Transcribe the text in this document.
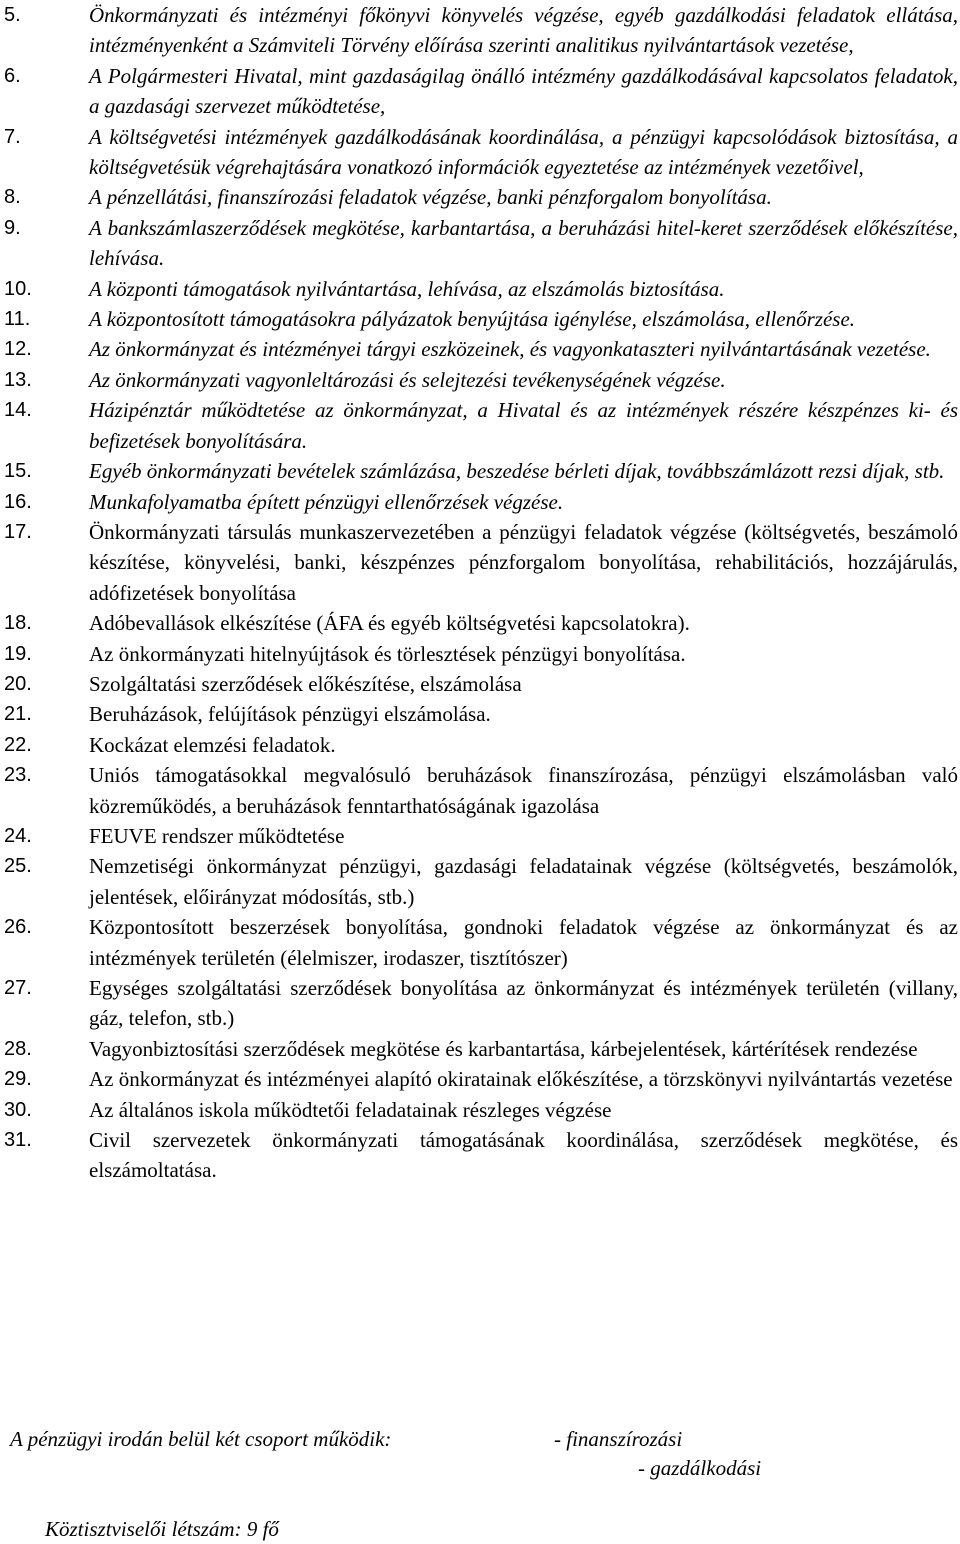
5.	Önkormányzati és intézményi főkönyvi könyvelés végzése, egyéb gazdálkodási feladatok ellátása, intézményenként a Számviteli Törvény előírása szerinti analitikus nyilvántartások vezetése,
6.	A Polgármesteri Hivatal, mint gazdaságilag önálló intézmény gazdálkodásával kapcsolatos feladatok, a gazdasági szervezet működtetése,
7.	A költségvetési intézmények gazdálkodásának koordinálása, a pénzügyi kapcsolódások biztosítása, a költségvetésük végrehajtására vonatkozó információk egyeztetése az intézmények vezetőivel,
8.	A pénzellátási, finanszírozási feladatok végzése, banki pénzforgalom bonyolítása.
9.	A bankszámlaszerződések megkötése, karbantartása, a beruházási hitel-keret szerződések előkészítése, lehívása.
10.	A központi támogatások nyilvántartása, lehívása, az elszámolás biztosítása.
11.	A központosított támogatásokra pályázatok benyújtása igénylése, elszámolása, ellenőrzése.
12.	Az önkormányzat és intézményei tárgyi eszközeinek, és vagyonkataszteri nyilvántartásának vezetése.
13.	Az önkormányzati vagyonleltározási és selejtezési tevékenységének végzése.
14.	Házipénztár működtetése az önkormányzat, a Hivatal és az intézmények részére készpénzes ki- és befizetések bonyolítására.
15.	Egyéb önkormányzati bevételek számlázása, beszedése bérleti díjak, továbbszámlázott rezsi díjak, stb.
16.	Munkafolyamatba épített pénzügyi ellenőrzések végzése.
17.	Önkormányzati társulás munkaszervezetében a pénzügyi feladatok végzése (költségvetés, beszámoló készítése, könyvelési, banki, készpénzes pénzforgalom bonyolítása, rehabilitációs, hozzájárulás, adófizetések bonyolítása
18.	Adóbevallások elkészítése (ÁFA és egyéb költségvetési kapcsolatokra).
19.	Az önkormányzati hitelnyújtások és törlesztések pénzügyi bonyolítása.
20.	Szolgáltatási szerződések előkészítése, elszámolása
21.	Beruházások, felújítások pénzügyi elszámolása.
22.	Kockázat elemzési feladatok.
23.	Uniós támogatásokkal megvalósuló beruházások finanszírozása, pénzügyi elszámolásban való közreműködés, a beruházások fenntarthatóságának igazolása
24.	FEUVE rendszer működtetése
25.	Nemzetiségi önkormányzat pénzügyi, gazdasági feladatainak végzése (költségvetés, beszámolók, jelentések, előirányzat módosítás, stb.)
26.	Központosított beszerzések bonyolítása, gondnoki feladatok végzése az önkormányzat és az intézmények területén (élelmiszer, irodaszer, tisztítószer)
27.	Egységes szolgáltatási szerződések bonyolítása az önkormányzat és intézmények területén (villany, gáz, telefon, stb.)
28.	Vagyonbiztosítási szerződések megkötése és karbantartása, kárbejelentések, kártérítések rendezése
29.	Az önkormányzat és intézményei alapító okiratainak előkészítése, a törzskönyvi nyilvántartás vezetése
30.	Az általános iskola működtetői feladatainak részleges végzése
31.	Civil szervezetek önkormányzati támogatásának koordinálása, szerződések megkötése, és elszámoltatása.
A pénzügyi irodán belül két csoport működik:	- finanszírozási
- gazdálkodási
Köztisztviselői létszám: 9 fő
